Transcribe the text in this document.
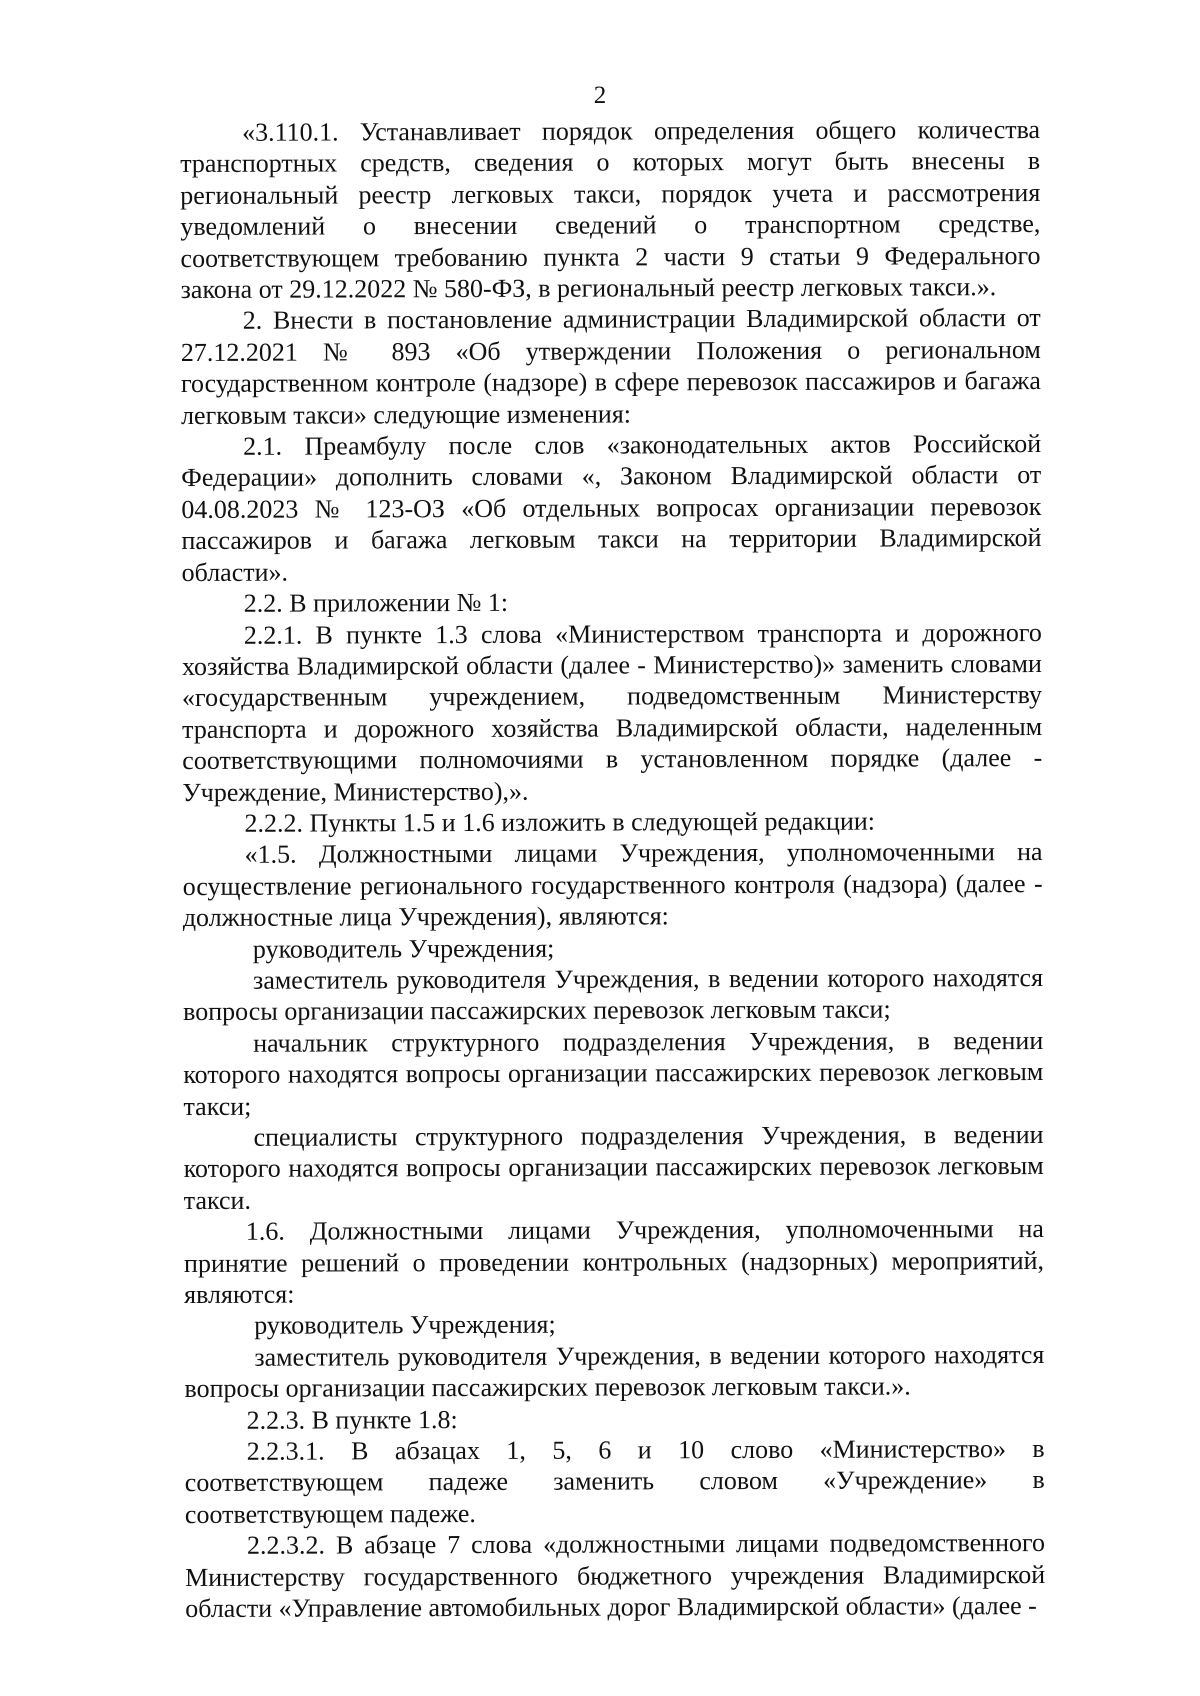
2

«3.110.1. Устанавливает порядок определения общего количества транспортных средств, сведения о которых могут быть внесены в региональный реестр легковых такси, порядок учета и рассмотрения уведомлений о внесении сведений о транспортном средстве, соответствующем требованию пункта 2 части 9 статьи 9 Федерального закона от 29.12.2022 № 580-ФЗ, в региональный реестр легковых такси.».

2. Внести в постановление администрации Владимирской области от 27.12.2021 № 893 «Об утверждении Положения о региональном государственном контроле (надзоре) в сфере перевозок пассажиров и багажа легковым такси» следующие изменения:

2.1. Преамбулу после слов «законодательных актов Российской Федерации» дополнить словами «, Законом Владимирской области от 04.08.2023 № 123-ОЗ «Об отдельных вопросах организации перевозок пассажиров и багажа легковым такси на территории Владимирской области».

2.2. В приложении № 1:

2.2.1. В пункте 1.3 слова «Министерством транспорта и дорожного хозяйства Владимирской области (далее - Министерство)» заменить словами «государственным учреждением, подведомственным Министерству транспорта и дорожного хозяйства Владимирской области, наделенным соответствующими полномочиями в установленном порядке (далее - Учреждение, Министерство),».

2.2.2. Пункты 1.5 и 1.6 изложить в следующей редакции:

«1.5. Должностными лицами Учреждения, уполномоченными на осуществление регионального государственного контроля (надзора) (далее - должностные лица Учреждения), являются:

руководитель Учреждения;

заместитель руководителя Учреждения, в ведении которого находятся вопросы организации пассажирских перевозок легковым такси;

начальник структурного подразделения Учреждения, в ведении которого находятся вопросы организации пассажирских перевозок легковым такси;

специалисты структурного подразделения Учреждения, в ведении которого находятся вопросы организации пассажирских перевозок легковым такси.

1.6. Должностными лицами Учреждения, уполномоченными на принятие решений о проведении контрольных (надзорных) мероприятий, являются:

руководитель Учреждения;

заместитель руководителя Учреждения, в ведении которого находятся вопросы организации пассажирских перевозок легковым такси.».

2.2.3. В пункте 1.8:

2.2.3.1. В абзацах 1, 5, 6 и 10 слово «Министерство» в соответствующем падеже заменить словом «Учреждение» в соответствующем падеже.

2.2.3.2. В абзаце 7 слова «должностными лицами подведомственного Министерству государственного бюджетного учреждения Владимирской области «Управление автомобильных дорог Владимирской области» (далее -
